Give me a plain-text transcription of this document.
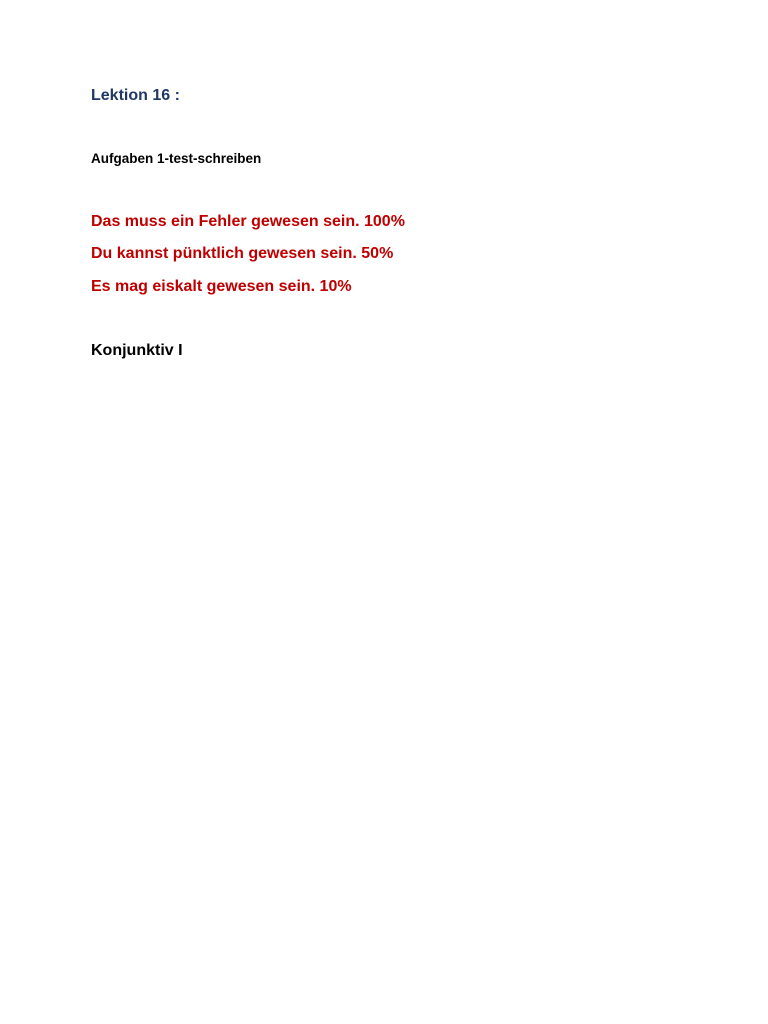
Lektion 16 :

Aufgaben 1-test-schreiben

Das muss ein Fehler gewesen sein. 100%

Du kannst pünktlich gewesen sein. 50%

Es mag eiskalt gewesen sein. 10%

Konjunktiv I
